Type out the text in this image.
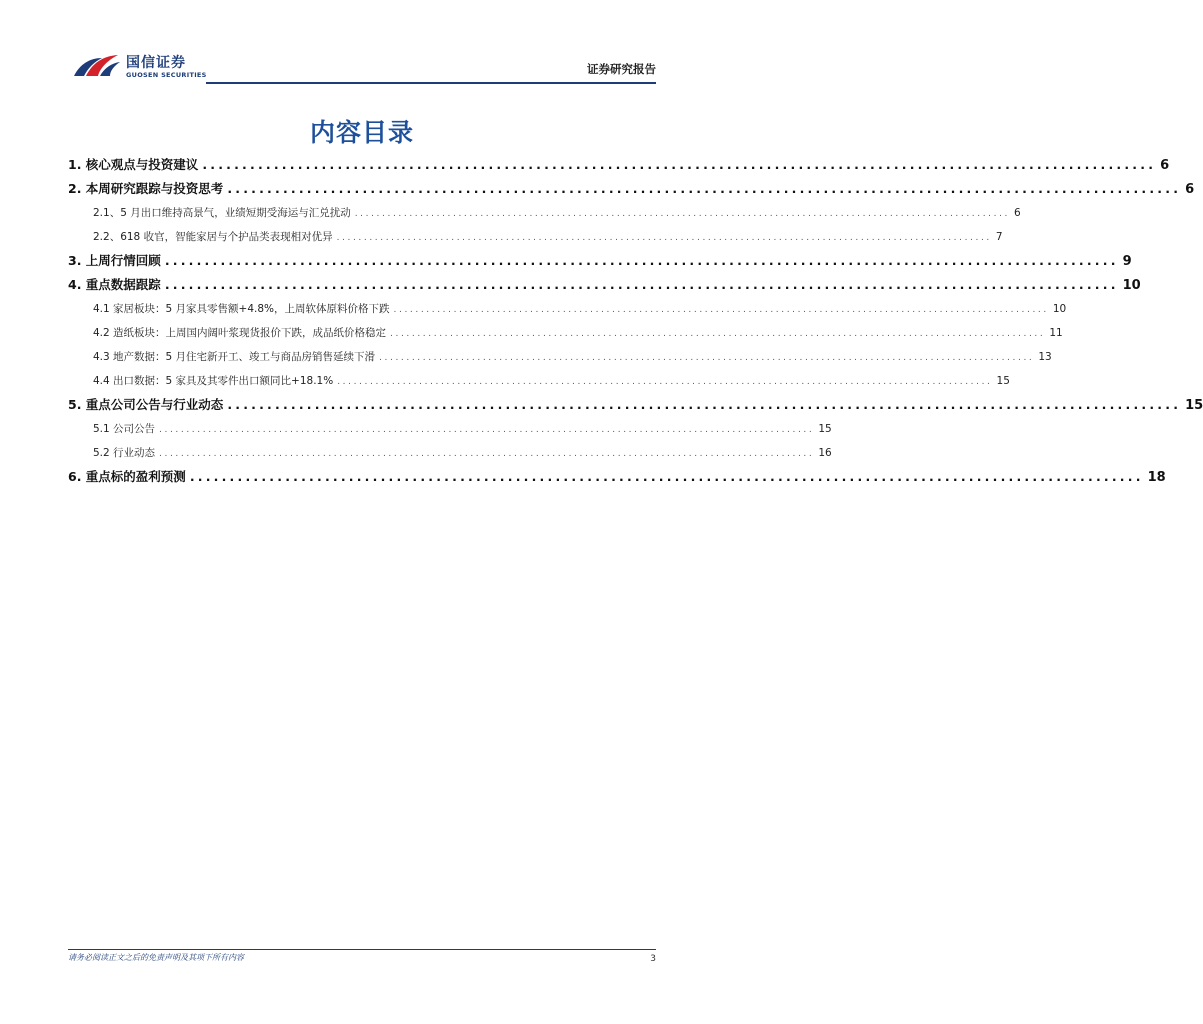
国信证券
GUOSEN SECURITIES	证券研究报告
内容目录
1. 核心观点与投资建议 ........................................................................................................................ 6
2. 本周研究跟踪与投资思考 ........................................................................................................................ 6
2.1、5 月出口维持高景气，业绩短期受海运与汇兑扰动 ........................................................................................................................ 6
2.2、618 收官，智能家居与个护品类表现相对优异 ........................................................................................................................ 7
3. 上周行情回顾 ........................................................................................................................ 9
4. 重点数据跟踪 ........................................................................................................................ 10
4.1 家居板块：5 月家具零售额+4.8%，上周软体原料价格下跌 ........................................................................................................................ 10
4.2 造纸板块：上周国内阔叶浆现货报价下跌，成品纸价格稳定 ........................................................................................................................ 11
4.3 地产数据：5 月住宅新开工、竣工与商品房销售延续下滑 ........................................................................................................................ 13
4.4 出口数据：5 家具及其零件出口额同比+18.1% ........................................................................................................................ 15
5. 重点公司公告与行业动态 ........................................................................................................................ 15
5.1 公司公告 ........................................................................................................................ 15
5.2 行业动态 ........................................................................................................................ 16
6. 重点标的盈利预测 ........................................................................................................................ 18
请务必阅读正文之后的免责声明及其项下所有内容	3
